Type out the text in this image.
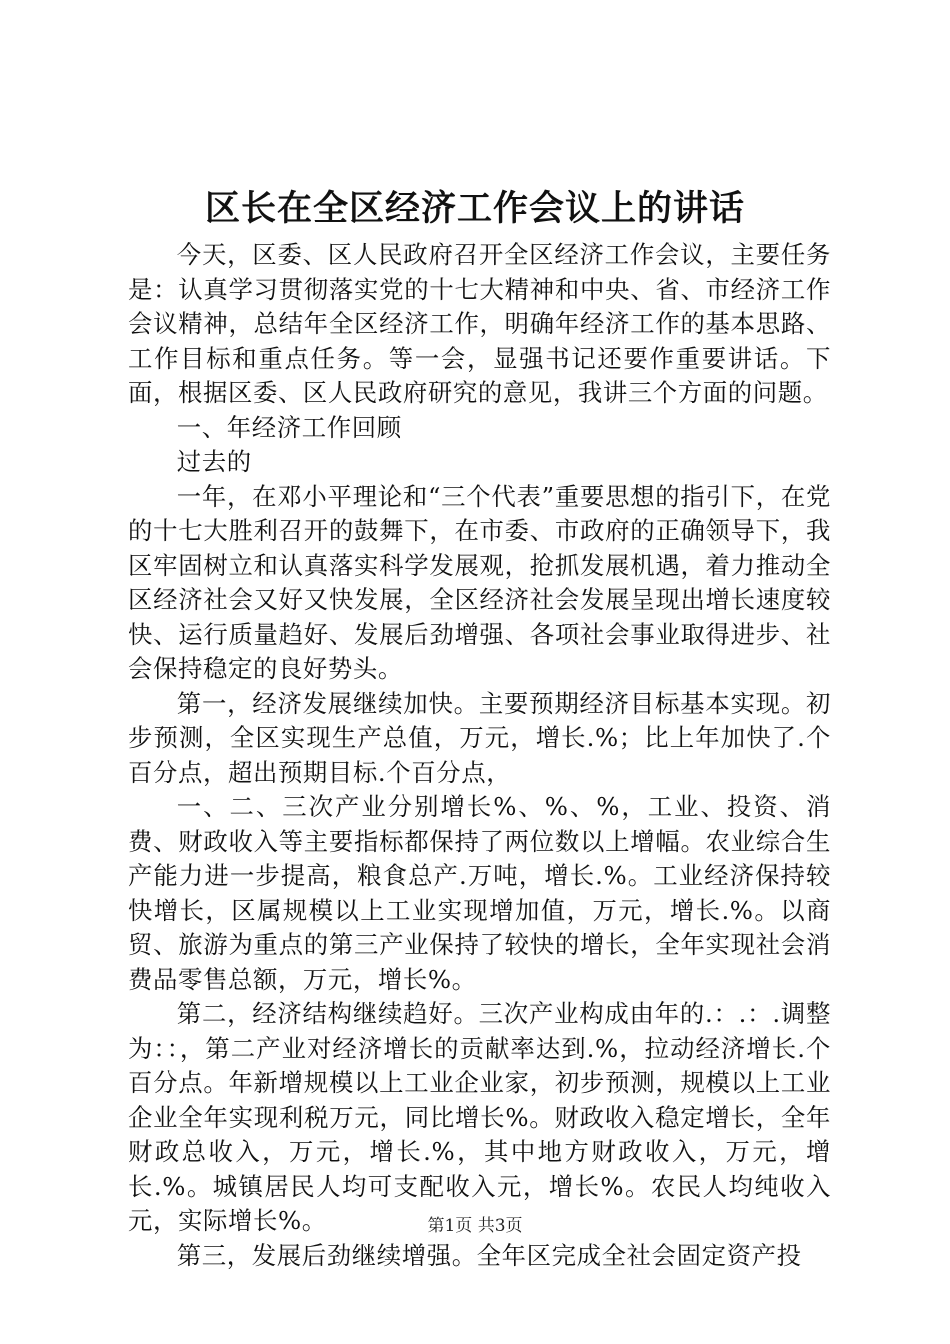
区长在全区经济工作会议上的讲话

今天，区委、区人民政府召开全区经济工作会议，主要任务是：认真学习贯彻落实党的十七大精神和中央、省、市经济工作会议精神，总结年全区经济工作，明确年经济工作的基本思路、工作目标和重点任务。等一会，显强书记还要作重要讲话。下面，根据区委、区人民政府研究的意见，我讲三个方面的问题。

一、年经济工作回顾

过去的

一年，在邓小平理论和“三个代表”重要思想的指引下，在党的十七大胜利召开的鼓舞下，在市委、市政府的正确领导下，我区牢固树立和认真落实科学发展观，抢抓发展机遇，着力推动全区经济社会又好又快发展，全区经济社会发展呈现出增长速度较快、运行质量趋好、发展后劲增强、各项社会事业取得进步、社会保持稳定的良好势头。

第一，经济发展继续加快。主要预期经济目标基本实现。初步预测，全区实现生产总值，万元，增长.%；比上年加快了.个百分点，超出预期目标.个百分点，

一、二、三次产业分别增长%、%、%，工业、投资、消费、财政收入等主要指标都保持了两位数以上增幅。农业综合生产能力进一步提高，粮食总产.万吨，增长.%。工业经济保持较快增长，区属规模以上工业实现增加值，万元，增长.%。以商贸、旅游为重点的第三产业保持了较快的增长，全年实现社会消费品零售总额，万元，增长%。

第二，经济结构继续趋好。三次产业构成由年的.：.：.调整为：：，第二产业对经济增长的贡献率达到.%，拉动经济增长.个百分点。年新增规模以上工业企业家，初步预测，规模以上工业企业全年实现利税万元，同比增长%。财政收入稳定增长，全年财政总收入，万元，增长.%，其中地方财政收入，万元，增长.%。城镇居民人均可支配收入元，增长%。农民人均纯收入元，实际增长%。

第三，发展后劲继续增强。全年区完成全社会固定资产投

第1页 共3页
